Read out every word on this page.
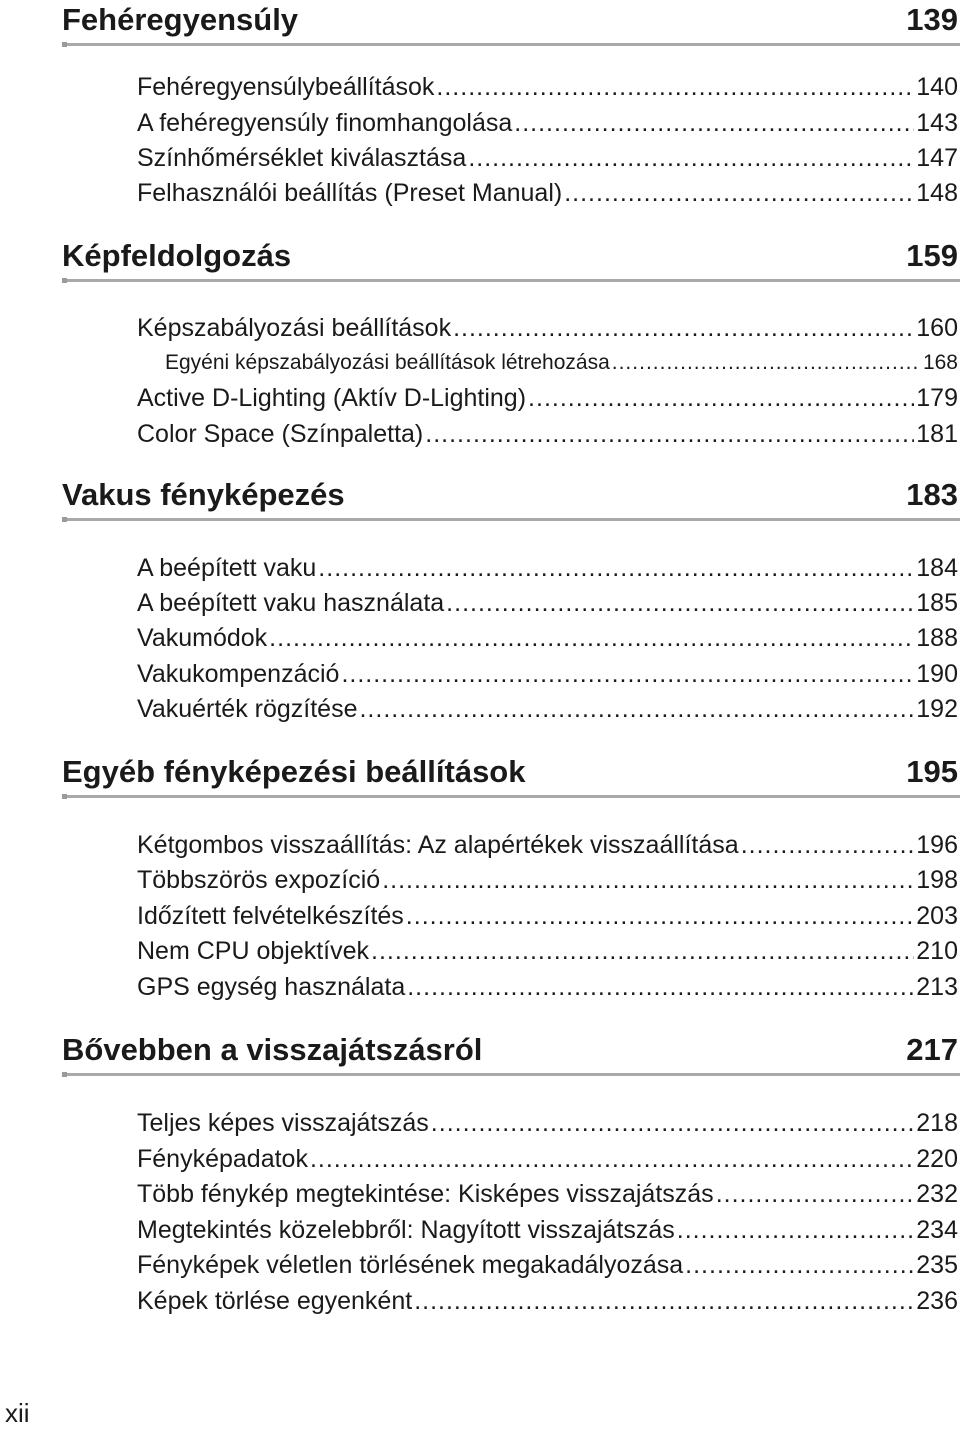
Fehéregyensúly	139
Fehéregyensúlybeállítások .....	140
A fehéregyensúly finomhangolása .....	143
Színhőmérséklet kiválasztása .....	147
Felhasználói beállítás (Preset Manual) .....	148
Képfeldolgozás	159
Képszabályozási beállítások .....	160
Egyéni képszabályozási beállítások létrehozása .....	168
Active D-Lighting (Aktív D-Lighting) .....	179
Color Space (Színpaletta) .....	181
Vakus fényképezés	183
A beépített vaku .....	184
A beépített vaku használata .....	185
Vakumódok .....	188
Vakukompenzáció .....	190
Vakuérték rögzítése .....	192
Egyéb fényképezési beállítások	195
Kétgombos visszaállítás: Az alapértékek visszaállítása .....	196
Többszörös expozíció .....	198
Időzített felvételkészítés .....	203
Nem CPU objektívek .....	210
GPS egység használata .....	213
Bővebben a visszajátszásról	217
Teljes képes visszajátszás .....	218
Fényképadatok .....	220
Több fénykép megtekintése: Kisképes visszajátszás .....	232
Megtekintés közelebbről: Nagyított visszajátszás .....	234
Fényképek véletlen törlésének megakadályozása .....	235
Képek törlése egyenként .....	236
xii
